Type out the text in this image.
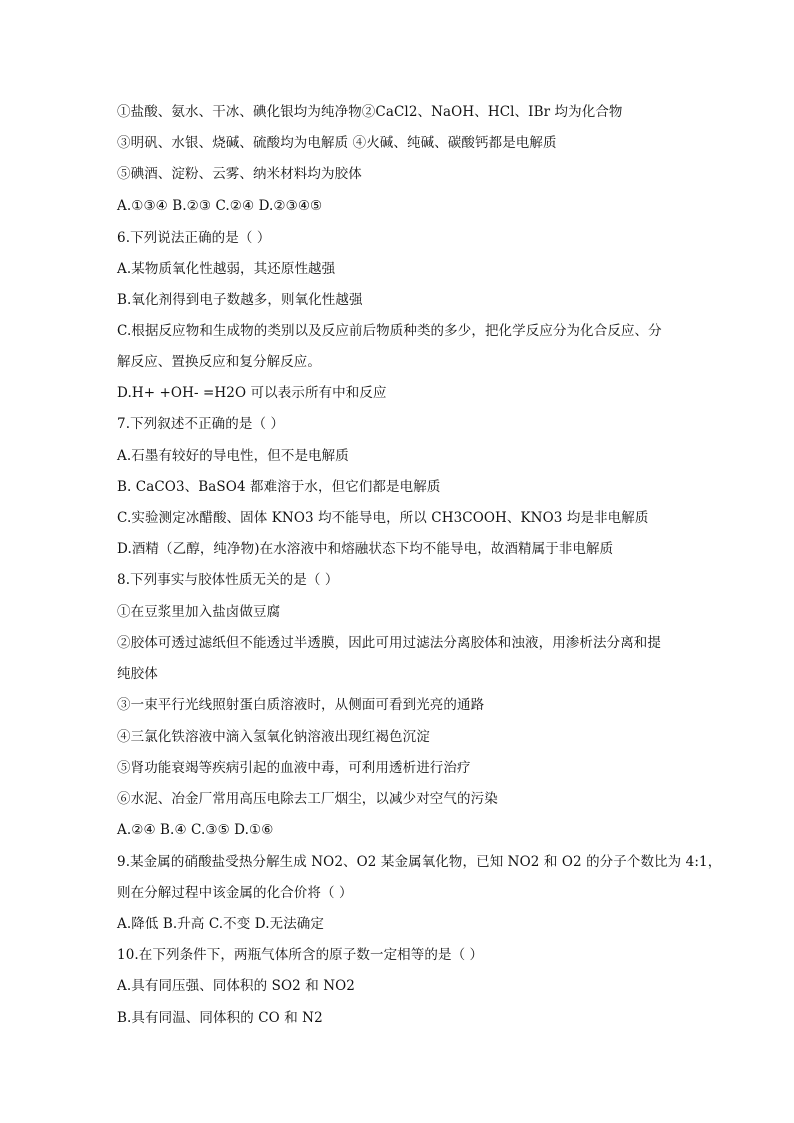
①盐酸、氨水、干冰、碘化银均为纯净物②CaCl2、NaOH、HCl、IBr 均为化合物
③明矾、水银、烧碱、硫酸均为电解质 ④火碱、纯碱、碳酸钙都是电解质
⑤碘酒、淀粉、云雾、纳米材料均为胶体
A.①③④ B.②③ C.②④ D.②③④⑤
6.下列说法正确的是（ ）
A.某物质氧化性越弱，其还原性越强
B.氧化剂得到电子数越多，则氧化性越强
C.根据反应物和生成物的类别以及反应前后物质种类的多少，把化学反应分为化合反应、分
解反应、置换反应和复分解反应。
D.H+ +OH- =H2O 可以表示所有中和反应
7.下列叙述不正确的是（ ）
A.石墨有较好的导电性，但不是电解质
B. CaCO3、BaSO4 都难溶于水，但它们都是电解质
C.实验测定冰醋酸、固体 KNO3 均不能导电，所以 CH3COOH、KNO3 均是非电解质
D.酒精（乙醇，纯净物)在水溶液中和熔融状态下均不能导电，故酒精属于非电解质
8.下列事实与胶体性质无关的是（ ）
①在豆浆里加入盐卤做豆腐
②胶体可透过滤纸但不能透过半透膜，因此可用过滤法分离胶体和浊液，用渗析法分离和提
纯胶体
③一束平行光线照射蛋白质溶液时，从侧面可看到光亮的通路
④三氯化铁溶液中滴入氢氧化钠溶液出现红褐色沉淀
⑤肾功能衰竭等疾病引起的血液中毒，可利用透析进行治疗
⑥水泥、冶金厂常用高压电除去工厂烟尘，以减少对空气的污染
A.②④ B.④ C.③⑤ D.①⑥
9.某金属的硝酸盐受热分解生成 NO2、O2 某金属氧化物，已知 NO2 和 O2 的分子个数比为 4:1，
则在分解过程中该金属的化合价将（ ）
A.降低 B.升高 C.不变 D.无法确定
10.在下列条件下，两瓶气体所含的原子数一定相等的是（ ）
A.具有同压强、同体积的 SO2 和 NO2
B.具有同温、同体积的 CO 和 N2
